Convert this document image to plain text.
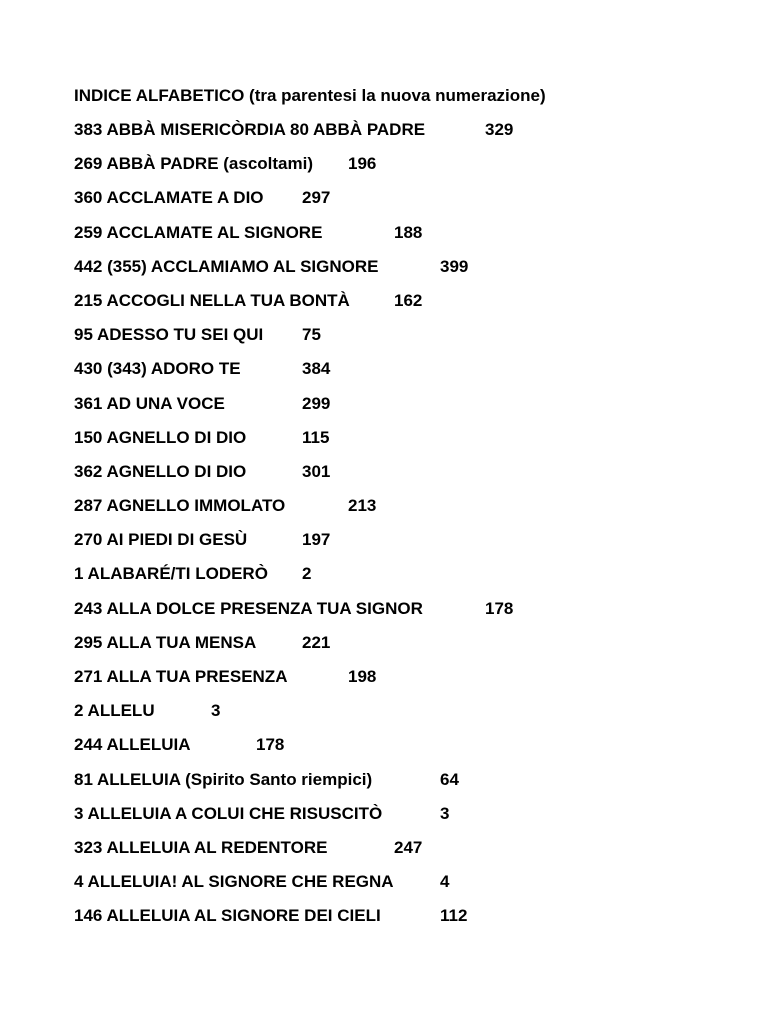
INDICE ALFABETICO (tra parentesi la nuova numerazione)
383 ABBÀ MISERICÒRDIA 80 ABBÀ PADRE	329
269 ABBÀ PADRE (ascoltami) 196
360 ACCLAMATE A DIO 297
259 ACCLAMATE AL SIGNORE	188
442 (355) ACCLAMIAMO AL SIGNORE	399
215 ACCOGLI NELLA TUA BONTÀ	162
95 ADESSO TU SEI QUI 75
430 (343) ADORO TE	384
361 AD UNA VOCE	299
150 AGNELLO DI DIO	115
362 AGNELLO DI DIO	301
287 AGNELLO IMMOLATO	213
270 AI PIEDI DI GESÙ	197
1 ALABARÉ/TI LODERÒ 2
243 ALLA DOLCE PRESENZA TUA SIGNOR	178
295 ALLA TUA MENSA	221
271 ALLA TUA PRESENZA	198
2 ALLELU	3
244 ALLELUIA	178
81 ALLELUIA (Spirito Santo riempici)	64
3 ALLELUIA A COLUI CHE RISUSCITÒ	3
323 ALLELUIA AL REDENTORE	247
4 ALLELUIA! AL SIGNORE CHE REGNA	4
146 ALLELUIA AL SIGNORE DEI CIELI	112
